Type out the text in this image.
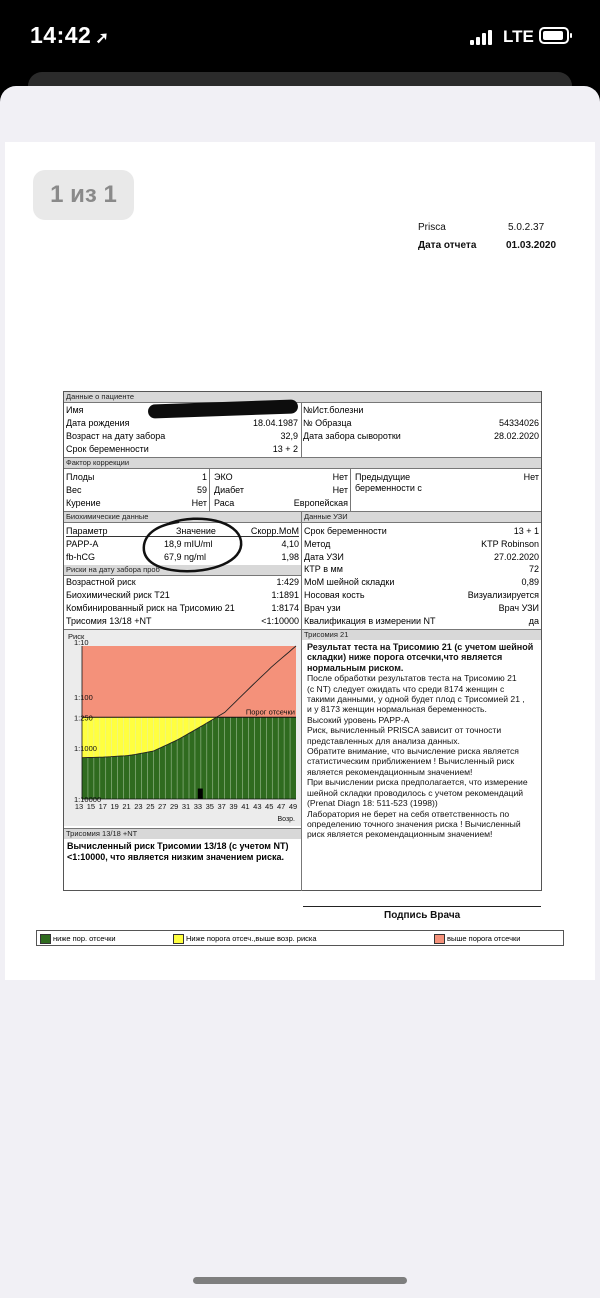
14:42 ➚	LTE
1 из 1
Prisca	5.0.2.37
Дата отчета	01.03.2020
Данные о пациенте
Имя
Дата рождения	18.04.1987
Возраст на дату забора	32,9
Срок беременности	13 + 2
№Ист.болезни
№ Образца	54334026
Дата забора сыворотки	28.02.2020
Фактор коррекции
Плоды	1
Вес	59
Курение	Нет
ЭКО	Нет
Диабет	Нет
Раса	Европейская
Предыдущие	Нет
беременности с
Биохимические данные	Данные УЗИ
Параметр	Значение	Скорр.МоМ
PAPP-A	18,9 mIU/ml	4,10
fb-hCG	67,9 ng/ml	1,98
Риски на дату забора проб
Возрастной риск	1:429
Биохимический риск Т21	1:1891
Комбинированный риск на Трисомию 21	1:8174
Трисомия 13/18 +NT	<1:10000
Срок беременности	13 + 1
Метод	KTP Robinson
Дата УЗИ	27.02.2020
КТР в мм	72
МоМ шейной складки	0,89
Носовая кость	Визуализируется
Врач узи	Врач УЗИ
Квалификация в измерении NT	да
1:10
1:100
1:250
1:1000
1:10000
Риск
Порог отсечки
13 15 17 19 21 23 25 27 29 31 33 35 37 39 41 43 45 47 49
Возр.
Трисомия 21
Результат теста на Трисомию 21 (с учетом шейной
складки) ниже порога отсечки,что является
нормальным риском.
После обработки результатов теста на Трисомию 21
(с NT) следует ожидать что среди 8174 женщин с
такими данными, у одной будет плод с Трисомией 21 ,
и у 8173 женщин нормальная беременность.
Высокий уровень PAPP-A
Риск, вычисленный PRISCA зависит от точности
представленных для анализа данных.
Обратите внимание, что вычисление риска является
статистическим приближением ! Вычисленный риск
является рекомендационным значением!
При вычислении риска предполагается, что измерение
шейной складки проводилось с учетом рекомендаций
(Prenat Diagn 18: 511-523 (1998))
Лаборатория не берет на себя ответственность по
определению точного значения риска ! Вычисленный
риск является рекомендационным значением!
Трисомия 13/18 +NT
Вычисленный риск Трисомии 13/18 (с учетом NT)
<1:10000, что является низким значением риска.
Подпись Врача
ниже пор. отсечки	Ниже порога отсеч.,выше возр. риска	выше порога отсечки
